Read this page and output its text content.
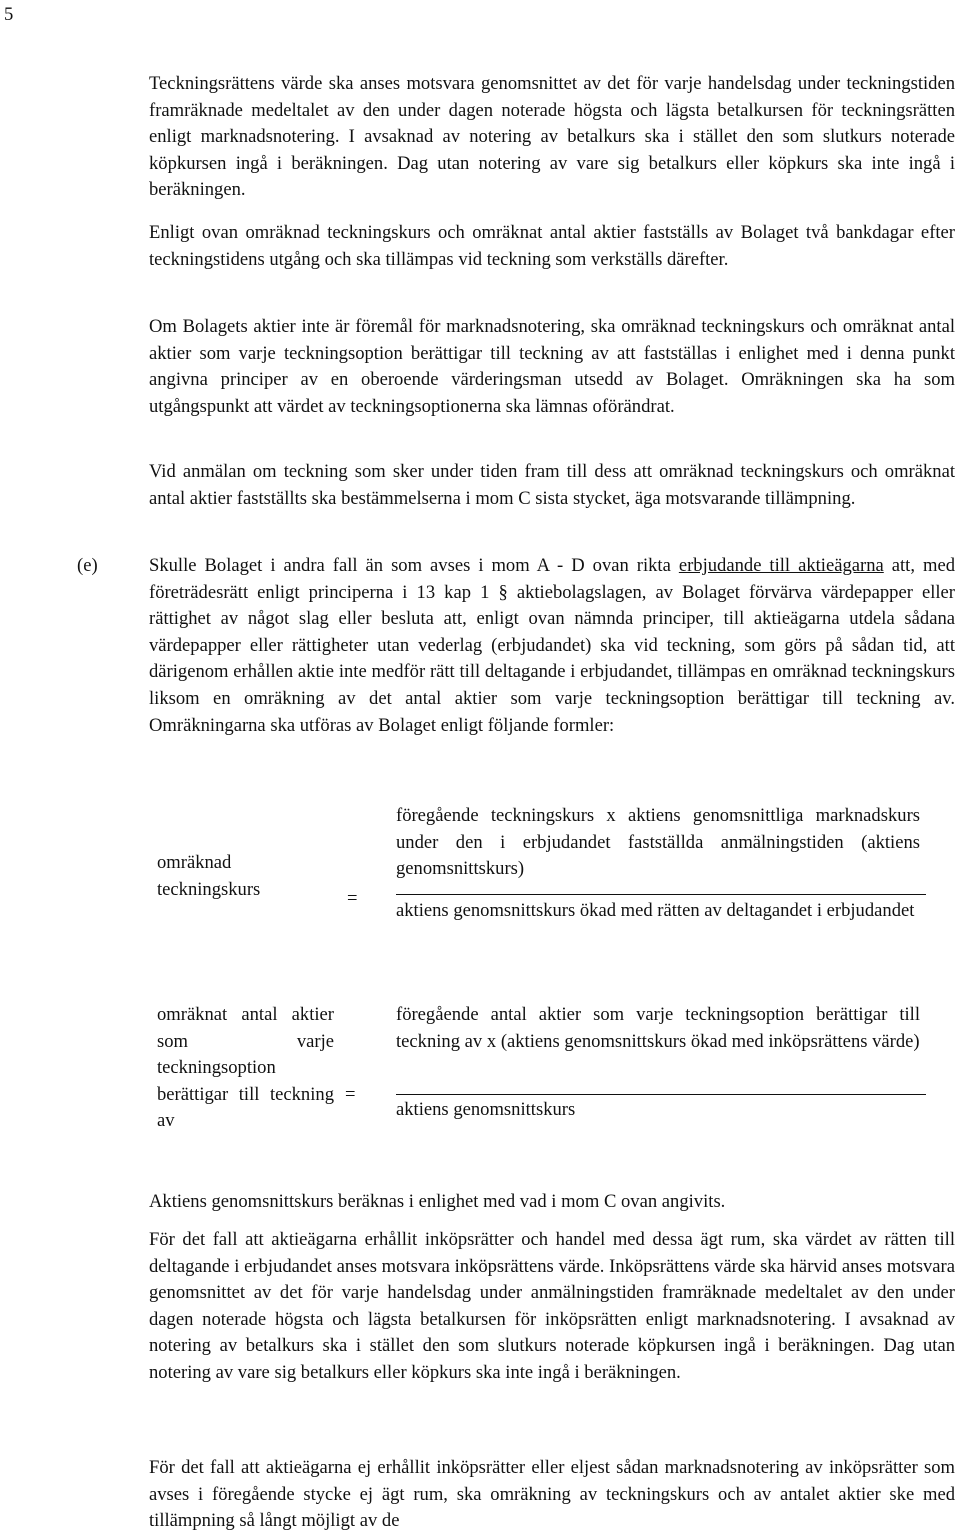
5

Teckningsrättens värde ska anses motsvara genomsnittet av det för varje handelsdag under teckningstiden framräknade medeltalet av den under dagen noterade högsta och lägsta betalkursen för teckningsrätten enligt marknadsnotering. I avsaknad av notering av betalkurs ska i stället den som slutkurs noterade köpkursen ingå i beräkningen. Dag utan notering av vare sig betalkurs eller köpkurs ska inte ingå i beräkningen.

Enligt ovan omräknad teckningskurs och omräknat antal aktier fastställs av Bolaget två bankdagar efter teckningstidens utgång och ska tillämpas vid teckning som verkställs därefter.

Om Bolagets aktier inte är föremål för marknadsnotering, ska omräknad teckningskurs och omräknat antal aktier som varje teckningsoption berättigar till teckning av att fastställas i enlighet med i denna punkt angivna principer av en oberoende värderingsman utsedd av Bolaget. Omräkningen ska ha som utgångspunkt att värdet av teckningsoptionerna ska lämnas oförändrat.

Vid anmälan om teckning som sker under tiden fram till dess att omräknad teckningskurs och omräknat antal aktier fastställts ska bestämmelserna i mom C sista stycket, äga motsvarande tillämpning.

(e)	Skulle Bolaget i andra fall än som avses i mom A - D ovan rikta erbjudande till aktieägarna att, med företrädesrätt enligt principerna i 13 kap 1 § aktiebolagslagen, av Bolaget förvärva värdepapper eller rättighet av något slag eller besluta att, enligt ovan nämnda principer, till aktieägarna utdela sådana värdepapper eller rättigheter utan vederlag (erbjudandet) ska vid teckning, som görs på sådan tid, att därigenom erhållen aktie inte medför rätt till deltagande i erbjudandet, tillämpas en omräknad teckningskurs liksom en omräkning av det antal aktier som varje teckningsoption berättigar till teckning av. Omräkningarna ska utföras av Bolaget enligt följande formler:

omräknad teckningskurs	=
föregående teckningskurs x aktiens genomsnittliga marknadskurs under den i erbjudandet fastställda anmälningstiden (aktiens genomsnittskurs)
aktiens genomsnittskurs ökad med rätten av deltagandet i erbjudandet
omräknat antal aktier som varje teckningsoption berättigar till teckning av
=
föregående antal aktier som varje teckningsoption berättigar till teckning av x (aktiens genomsnittskurs ökad med inköpsrättens värde)
aktiens genomsnittskurs

Aktiens genomsnittskurs beräknas i enlighet med vad i mom C ovan angivits.

För det fall att aktieägarna erhållit inköpsrätter och handel med dessa ägt rum, ska värdet av rätten till deltagande i erbjudandet anses motsvara inköpsrättens värde. Inköpsrättens värde ska härvid anses motsvara genomsnittet av det för varje handelsdag under anmälningstiden framräknade medeltalet av den under dagen noterade högsta och lägsta betalkursen för inköpsrätten enligt marknadsnotering. I avsaknad av notering av betalkurs ska i stället den som slutkurs noterade köpkursen ingå i beräkningen. Dag utan notering av vare sig betalkurs eller köpkurs ska inte ingå i beräkningen.

För det fall att aktieägarna ej erhållit inköpsrätter eller eljest sådan marknadsnotering av inköpsrätter som avses i föregående stycke ej ägt rum, ska omräkning av teckningskurs och av antalet aktier ske med tillämpning så långt möjligt av de
